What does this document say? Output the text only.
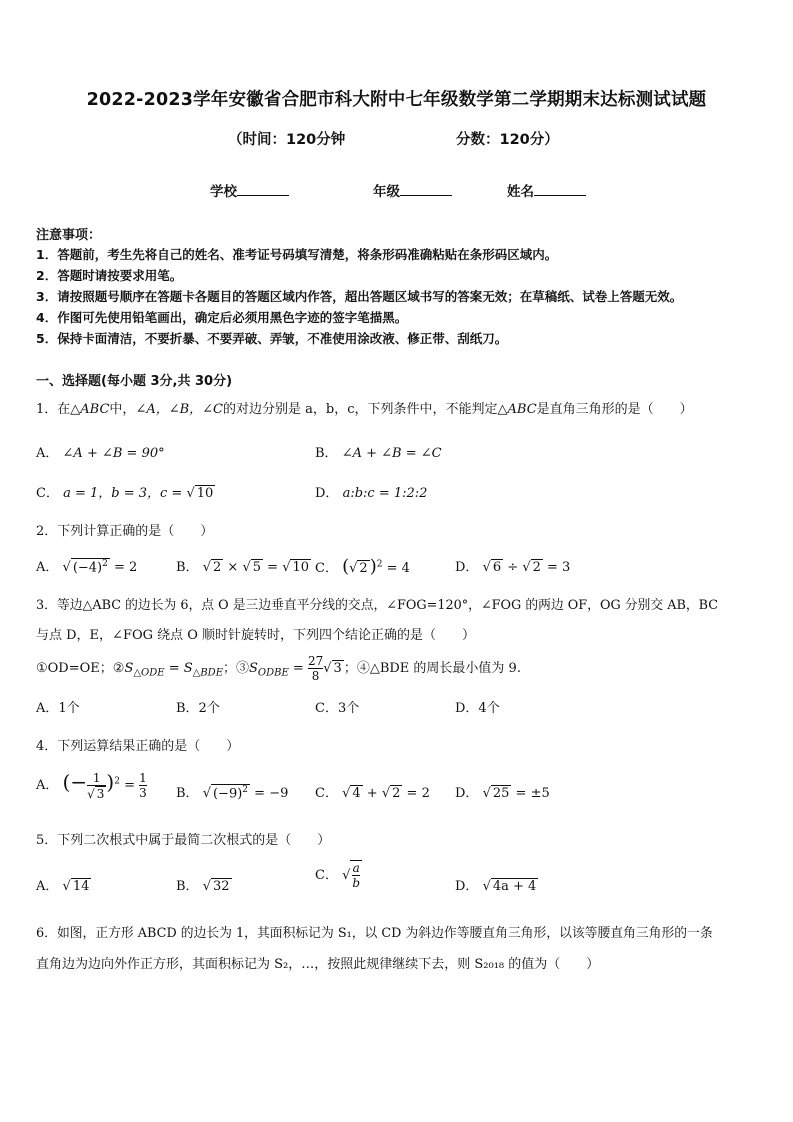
2022-2023学年安徽省合肥市科大附中七年级数学第二学期期末达标测试试题
（时间：120分钟	分数：120分）
学校	年级	姓名
注意事项：
1．答题前，考生先将自己的姓名、准考证号码填写清楚，将条形码准确粘贴在条形码区域内。
2．答题时请按要求用笔。
3．请按照题号顺序在答题卡各题目的答题区域内作答，超出答题区域书写的答案无效；在草稿纸、试卷上答题无效。
4．作图可先使用铅笔画出，确定后必须用黑色字迹的签字笔描黑。
5．保持卡面清洁，不要折暴、不要弄破、弄皱，不准使用涂改液、修正带、刮纸刀。
一、选择题(每小题 3分,共 30分)
1．在△ABC中，∠A，∠B，∠C的对边分别是 a，b，c，下列条件中，不能判定△ABC是直角三角形的是（　　）
A． ∠A + ∠B = 90°	B． ∠A + ∠B = ∠C
C． a = 1，b = 3，c = √ 10	D． a:b:c = 1:2:2
2．下列计算正确的是（　　）
A． √ $(-4)^2 = 2$	B． √ 2 × √ 5 = √ 10 C． (√ 2 )$^2$ = 4	D． √ 6 ÷ √ 2 = 3
3．等边△ABC 的边长为 6，点 O 是三边垂直平分线的交点，∠FOG=120°，∠FOG 的两边 OF，OG 分别交 AB，BC
与点 D，E，∠FOG 绕点 O 顺时针旋转时，下列四个结论正确的是（　　）
①OD=OE；$②S_{\triangle ODE} = S_{\triangle BDE}$；$③S_{ODBE} = \frac{27}{8}$ √ 3 ；④△BDE 的周长最小值为 9.
A．1个	B．2个	C．3个	D．4个
4．下列运算结果正确的是（　　）
A． (− $\frac{1}{√ 3} )^2 = \frac{1}{3}$ B． √ $(-9)^2 = -9$ C． √ 4 + √ 2 = 2 D． √ 25 = ±5
5．下列二次根式中属于最简二次根式的是（　　）
A． √ 14	B． √ 32
C． √ $\frac{a}{b}$	D． √ 4a + 4
6．如图，正方形 ABCD 的边长为 1，其面积标记为 S₁，以 CD 为斜边作等腰直角三角形，以该等腰直角三角形的一条
直角边为边向外作正方形，其面积标记为 S₂，…，按照此规律继续下去，则 S₂₀₁₈ 的值为（　　）
